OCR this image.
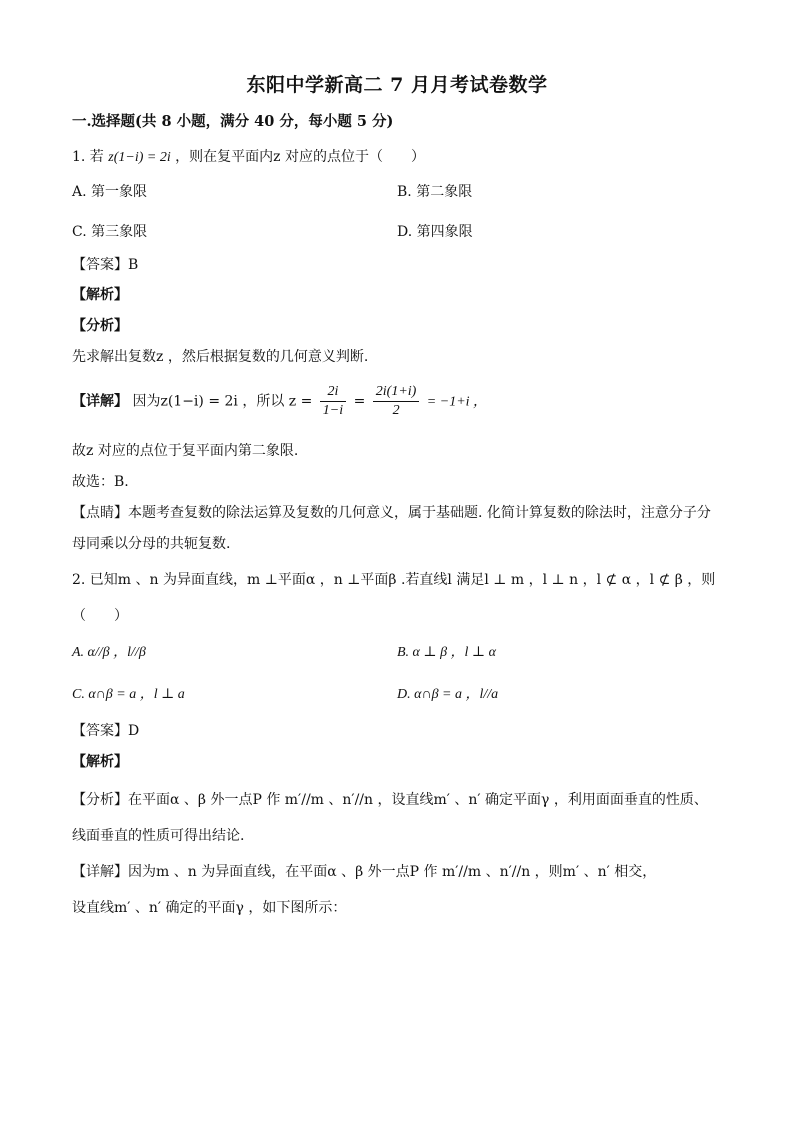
东阳中学新高二 7 月月考试卷数学
一.选择题(共 8 小题，满分 40 分，每小题 5 分)
1. 若 z(1−i) = 2i ，则在复平面内z 对应的点位于（　　）
A. 第一象限	B. 第二象限
C. 第三象限	D. 第四象限
【答案】B
【解析】
【分析】
先求解出复数z ，然后根据复数的几何意义判断.
【详解】 因为z(1−i) = 2i ，所以 $z = \frac{2i}{1-i} = \frac{2i(1+i)}{2} = -1+i$ ，
故z 对应的点位于复平面内第二象限.
故选：B.
【点睛】本题考查复数的除法运算及复数的几何意义，属于基础题. 化简计算复数的除法时，注意分子分
母同乘以分母的共轭复数.
2. 已知m 、n 为异面直线，m ⊥平面α ，n ⊥平面β .若直线l 满足l ⊥ m ，l ⊥ n ，l ⊄ α ，l ⊄ β ，则
（　　）
A. α//β ，l//β	B. α ⊥ β ，l ⊥ α
C. α∩β = a ，l ⊥ a	D. α∩β = a ，l//a
【答案】D
【解析】
【分析】在平面α 、β 外一点P 作 m′//m 、n′//n ，设直线m′ 、n′ 确定平面γ ，利用面面垂直的性质、
线面垂直的性质可得出结论.
【详解】因为m 、n 为异面直线，在平面α 、β 外一点P 作 m′//m 、n′//n ，则m′ 、n′ 相交，
设直线m′ 、n′ 确定的平面γ ，如下图所示：
